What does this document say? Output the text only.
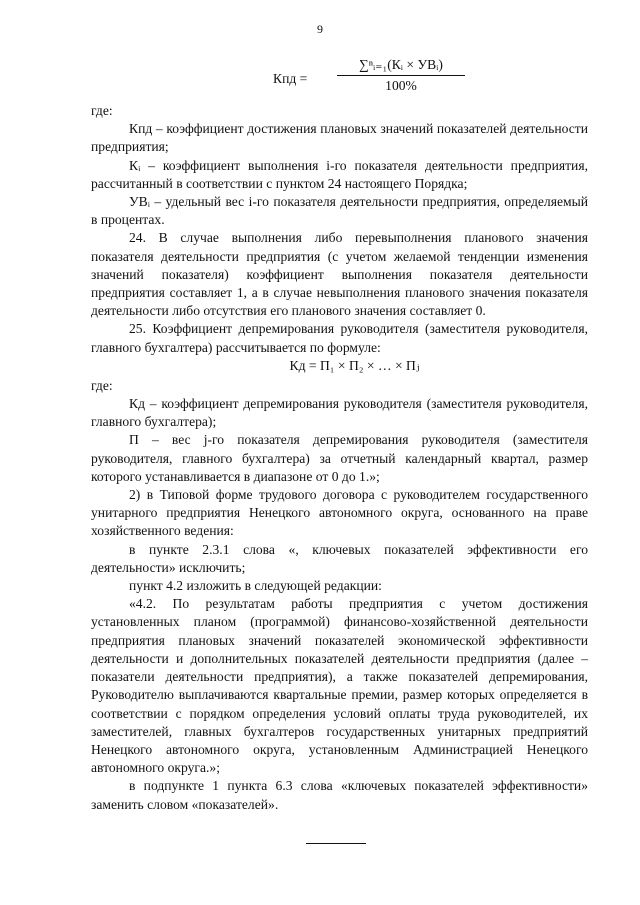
9
Кпд =
∑ⁿᵢ₌₁(Кᵢ × УВᵢ)
100%

где:

Кпд – коэффициент достижения плановых значений показателей деятельности предприятия;

Кᵢ – коэффициент выполнения i-го показателя деятельности предприятия, рассчитанный в соответствии с пунктом 24 настоящего Порядка;

УВᵢ – удельный вес i-го показателя деятельности предприятия, определяемый в процентах.

24. В случае выполнения либо перевыполнения планового значения показателя деятельности предприятия (с учетом желаемой тенденции изменения значений показателя) коэффициент выполнения показателя деятельности предприятия составляет 1, а в случае невыполнения планового значения показателя деятельности либо отсутствия его планового значения составляет 0.

25. Коэффициент депремирования руководителя (заместителя руководителя, главного бухгалтера) рассчитывается по формуле:

Кд = П₁ × П₂ × … × Пⱼ

где:

Кд – коэффициент депремирования руководителя (заместителя руководителя, главного бухгалтера);

П – вес j-го показателя депремирования руководителя (заместителя руководителя, главного бухгалтера) за отчетный календарный квартал, размер которого устанавливается в диапазоне от 0 до 1.»;

2) в Типовой форме трудового договора с руководителем государственного унитарного предприятия Ненецкого автономного округа, основанного на праве хозяйственного ведения:

в пункте 2.3.1 слова «, ключевых показателей эффективности его деятельности» исключить;

пункт 4.2 изложить в следующей редакции:

«4.2. По результатам работы предприятия с учетом достижения установленных планом (программой) финансово-хозяйственной деятельности предприятия плановых значений показателей экономической эффективности деятельности и дополнительных показателей деятельности предприятия (далее – показатели деятельности предприятия), а также показателей депремирования, Руководителю выплачиваются квартальные премии, размер которых определяется в соответствии с порядком определения условий оплаты труда руководителей, их заместителей, главных бухгалтеров государственных унитарных предприятий Ненецкого автономного округа, установленным Администрацией Ненецкого автономного округа.»;

в подпункте 1 пункта 6.3 слова «ключевых показателей эффективности» заменить словом «показателей».
